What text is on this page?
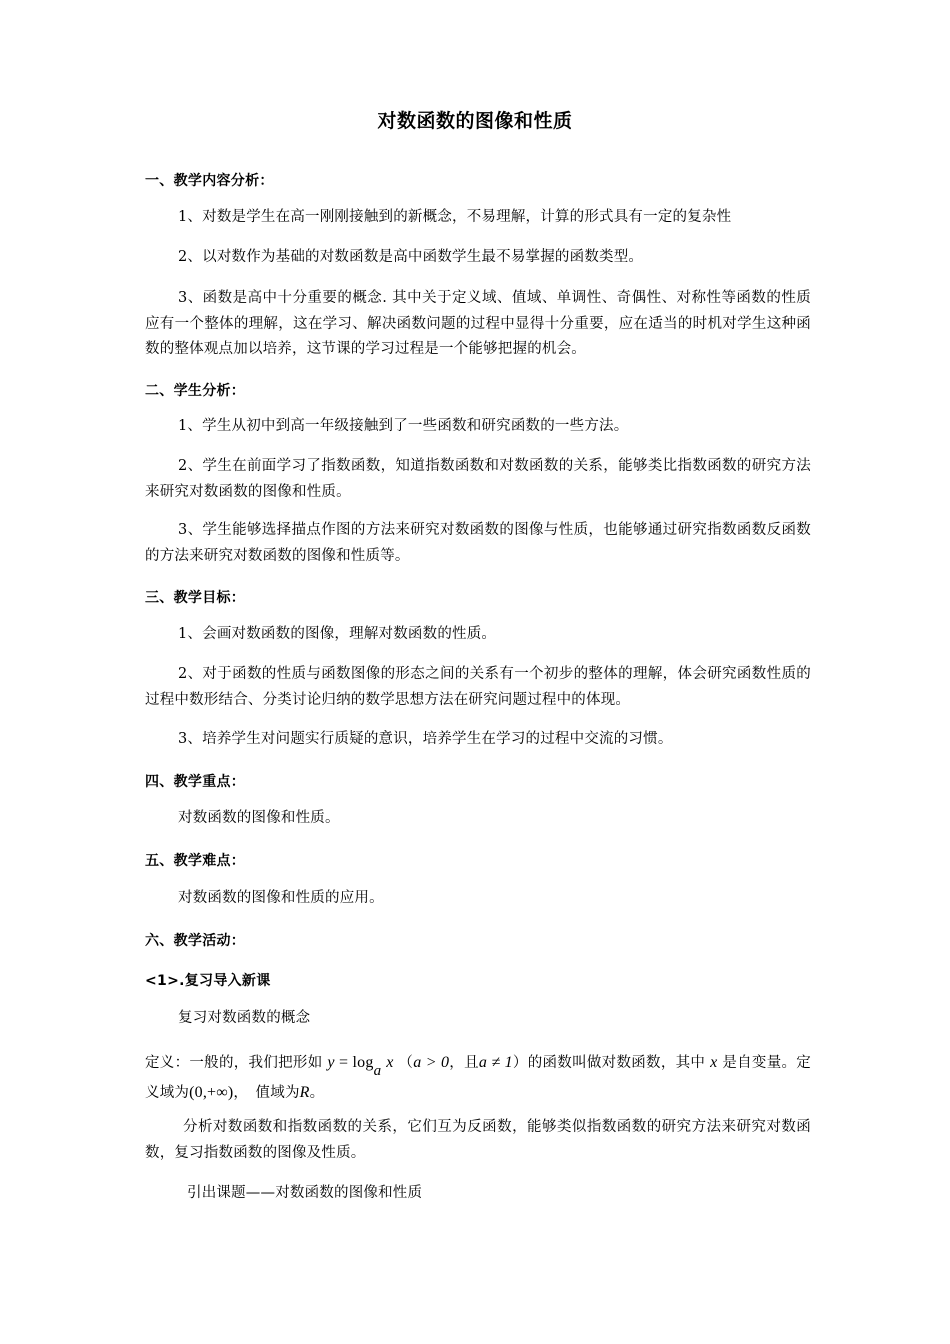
对数函数的图像和性质
一、教学内容分析：
1、对数是学生在高一刚刚接触到的新概念，不易理解，计算的形式具有一定的复杂性
2、以对数作为基础的对数函数是高中函数学生最不易掌握的函数类型。
3、函数是高中十分重要的概念. 其中关于定义域、值域、单调性、奇偶性、对称性等函数的性质应有一个整体的理解，这在学习、解决函数问题的过程中显得十分重要，应在适当的时机对学生这种函数的整体观点加以培养，这节课的学习过程是一个能够把握的机会。
二、学生分析：
1、学生从初中到高一年级接触到了一些函数和研究函数的一些方法。
2、学生在前面学习了指数函数，知道指数函数和对数函数的关系，能够类比指数函数的研究方法来研究对数函数的图像和性质。
3、学生能够选择描点作图的方法来研究对数函数的图像与性质，也能够通过研究指数函数反函数的方法来研究对数函数的图像和性质等。
三、教学目标：
1、会画对数函数的图像，理解对数函数的性质。
2、对于函数的性质与函数图像的形态之间的关系有一个初步的整体的理解，体会研究函数性质的过程中数形结合、分类讨论归纳的数学思想方法在研究问题过程中的体现。
3、培养学生对问题实行质疑的意识，培养学生在学习的过程中交流的习惯。
四、教学重点：
对数函数的图像和性质。
五、教学难点：
对数函数的图像和性质的应用。
六、教学活动：
<1>.复习导入新课
复习对数函数的概念
定义：一般的，我们把形如 y = loga x （a > 0，且a ≠ 1）的函数叫做对数函数，其中 x 是自变量。定义域为(0,+∞)，　值域为R。
分析对数函数和指数函数的关系，它们互为反函数，能够类似指数函数的研究方法来研究对数函数，复习指数函数的图像及性质。
引出课题——对数函数的图像和性质
